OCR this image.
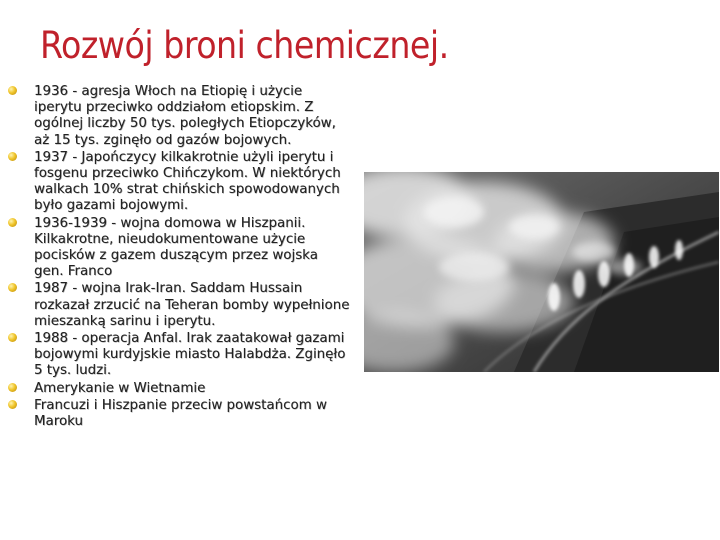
Rozwój broni chemicznej.
1936 - agresja Włoch na Etiopię i użycie iperytu przeciwko oddziałom etiopskim. Z ogólnej liczby 50 tys. poległych Etiopczyków, aż 15 tys. zginęło od gazów bojowych.
1937 - Japończycy kilkakrotnie użyli iperytu i fosgenu przeciwko Chińczykom. W niektórych walkach 10% strat chińskich spowodowanych było gazami bojowymi.
1936-1939 - wojna domowa w Hiszpanii. Kilkakrotne, nieudokumentowane użycie pocisków z gazem duszącym przez wojska gen. Franco
1987 - wojna Irak-Iran. Saddam Hussain rozkazał zrzucić na Teheran bomby wypełnione mieszanką sarinu i iperytu.
1988 - operacja Anfal. Irak zaatakował gazami bojowymi kurdyjskie miasto Halabdża. Zginęło 5 tys. ludzi.
Amerykanie w Wietnamie
Francuzi i Hiszpanie przeciw powstańcom w Maroku
